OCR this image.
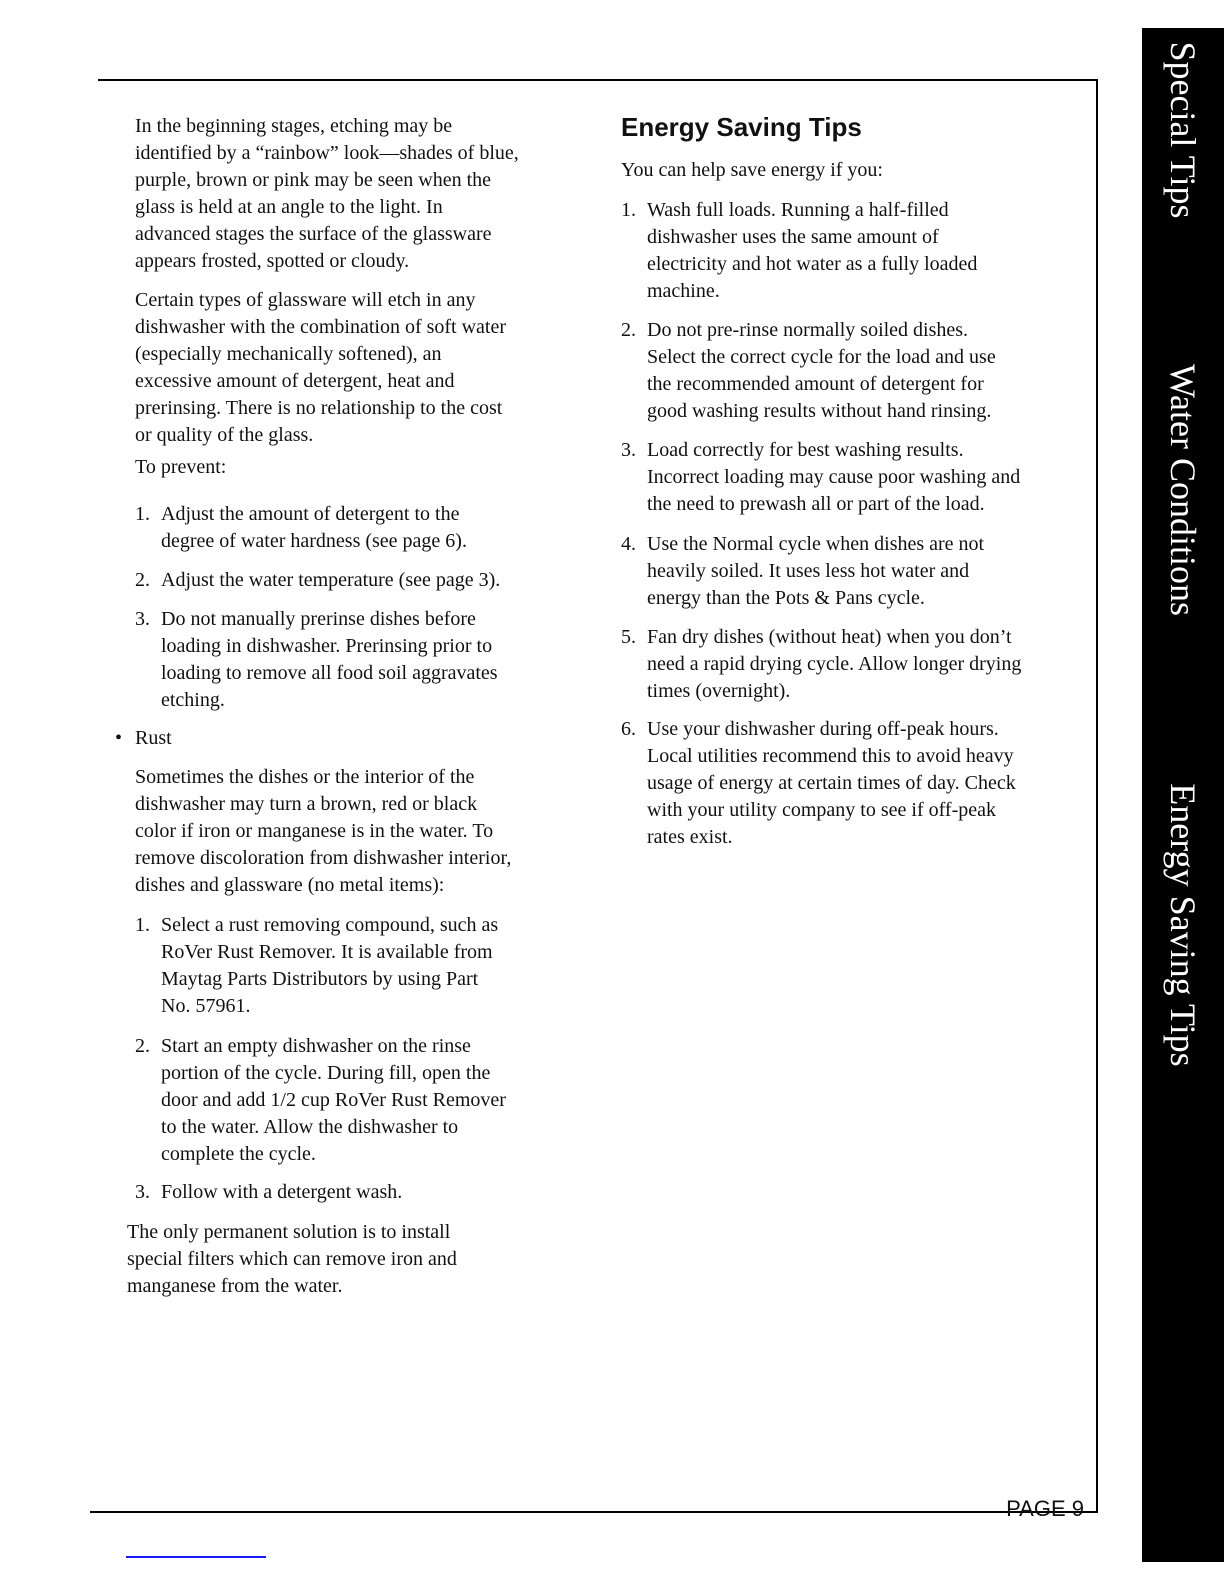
In the beginning stages, etching may be
identified by a “rainbow” look—shades of blue,
purple, brown or pink may be seen when the
glass is held at an angle to the light. In
advanced stages the surface of the glassware
appears frosted, spotted or cloudy.
Certain types of glassware will etch in any
dishwasher with the combination of soft water
(especially mechanically softened), an
excessive amount of detergent, heat and
prerinsing. There is no relationship to the cost
or quality of the glass.
To prevent:
1. Adjust the amount of detergent to the
degree of water hardness (see page 6).
2. Adjust the water temperature (see page 3).
3. Do not manually prerinse dishes before
loading in dishwasher. Prerinsing prior to
loading to remove all food soil aggravates
etching.
• Rust
Sometimes the dishes or the interior of the
dishwasher may turn a brown, red or black
color if iron or manganese is in the water. To
remove discoloration from dishwasher interior,
dishes and glassware (no metal items):
1. Select a rust removing compound, such as
RoVer Rust Remover. It is available from
Maytag Parts Distributors by using Part
No. 57961.
2. Start an empty dishwasher on the rinse
portion of the cycle. During fill, open the
door and add 1/2 cup RoVer Rust Remover
to the water. Allow the dishwasher to
complete the cycle.
3. Follow with a detergent wash.
The only permanent solution is to install
special filters which can remove iron and
manganese from the water.
Energy Saving Tips
You can help save energy if you:
1. Wash full loads. Running a half-filled
dishwasher uses the same amount of
electricity and hot water as a fully loaded
machine.
2. Do not pre-rinse normally soiled dishes.
Select the correct cycle for the load and use
the recommended amount of detergent for
good washing results without hand rinsing.
3. Load correctly for best washing results.
Incorrect loading may cause poor washing and
the need to prewash all or part of the load.
4. Use the Normal cycle when dishes are not
heavily soiled. It uses less hot water and
energy than the Pots & Pans cycle.
5. Fan dry dishes (without heat) when you don’t
need a rapid drying cycle. Allow longer drying
times (overnight).
6. Use your dishwasher during off-peak hours.
Local utilities recommend this to avoid heavy
usage of energy at certain times of day. Check
with your utility company to see if off-peak
rates exist.
Special Tips
Water Conditions
Energy Saving Tips
PAGE 9
